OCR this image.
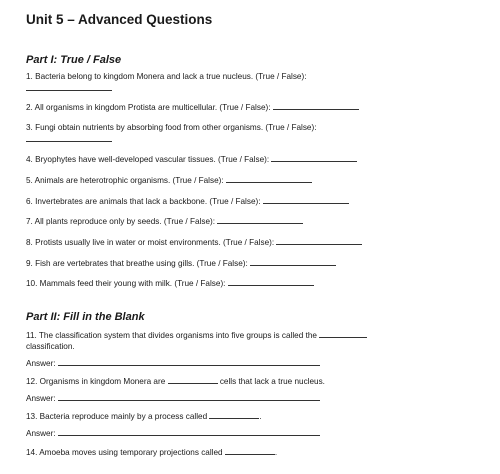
Unit 5 – Advanced Questions
Part I: True / False
1. Bacteria belong to kingdom Monera and lack a true nucleus. (True / False):
2. All organisms in kingdom Protista are multicellular. (True / False):
3. Fungi obtain nutrients by absorbing food from other organisms. (True / False):
4. Bryophytes have well-developed vascular tissues. (True / False):
5. Animals are heterotrophic organisms. (True / False):
6. Invertebrates are animals that lack a backbone. (True / False):
7. All plants reproduce only by seeds. (True / False):
8. Protists usually live in water or moist environments. (True / False):
9. Fish are vertebrates that breathe using gills. (True / False):
10. Mammals feed their young with milk. (True / False):
Part II: Fill in the Blank
11. The classification system that divides organisms into five groups is called the
classification.
Answer:
12. Organisms in kingdom Monera are	cells that lack a true nucleus.
Answer:
13. Bacteria reproduce mainly by a process called	.
Answer:
14. Amoeba moves using temporary projections called	.
